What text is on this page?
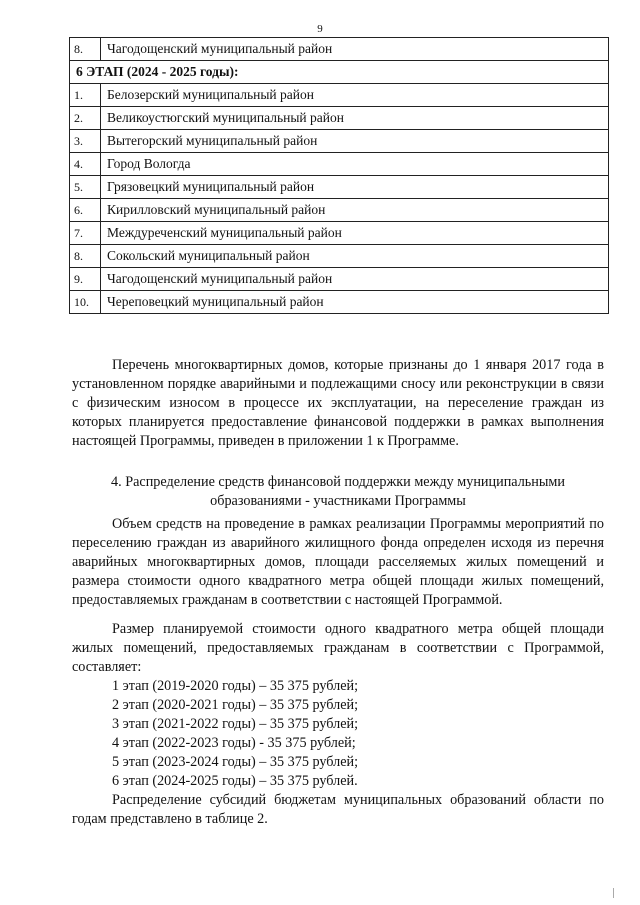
9
8.	Чагодощенский муниципальный район
6 ЭТАП (2024 - 2025 годы):	
1.	Белозерский муниципальный район
2.	Великоустюгский муниципальный район
3.	Вытегорский муниципальный район
4.	Город Вологда
5.	Грязовецкий муниципальный район
6.	Кирилловский муниципальный район
7.	Междуреченский муниципальный район
8.	Сокольский муниципальный район
9.	Чагодощенский муниципальный район
10.	Череповецкий муниципальный район

Перечень многоквартирных домов, которые признаны до 1 января 2017 года в установленном порядке аварийными и подлежащими сносу или реконструкции в связи с физическим износом в процессе их эксплуатации, на переселение граждан из которых планируется предоставление финансовой поддержки в рамках выполнения настоящей Программы, приведен в приложении 1 к Программе.

4. Распределение средств финансовой поддержки между муниципальными

образованиями - участниками Программы

Объем средств на проведение в рамках реализации Программы мероприятий по переселению граждан из аварийного жилищного фонда определен исходя из перечня аварийных многоквартирных домов, площади расселяемых жилых помещений и размера стоимости одного квадратного метра общей площади жилых помещений, предоставляемых гражданам в соответствии с настоящей Программой.

Размер планируемой стоимости одного квадратного метра общей площади жилых помещений, предоставляемых гражданам в соответствии с Программой, составляет:

1 этап (2019-2020 годы) – 35 375 рублей;

2 этап (2020-2021 годы) – 35 375 рублей;

3 этап (2021-2022 годы) – 35 375 рублей;

4 этап (2022-2023 годы) - 35 375 рублей;

5 этап (2023-2024 годы) – 35 375 рублей;

6 этап (2024-2025 годы) – 35 375 рублей.

Распределение субсидий бюджетам муниципальных образований области по годам представлено в таблице 2.
